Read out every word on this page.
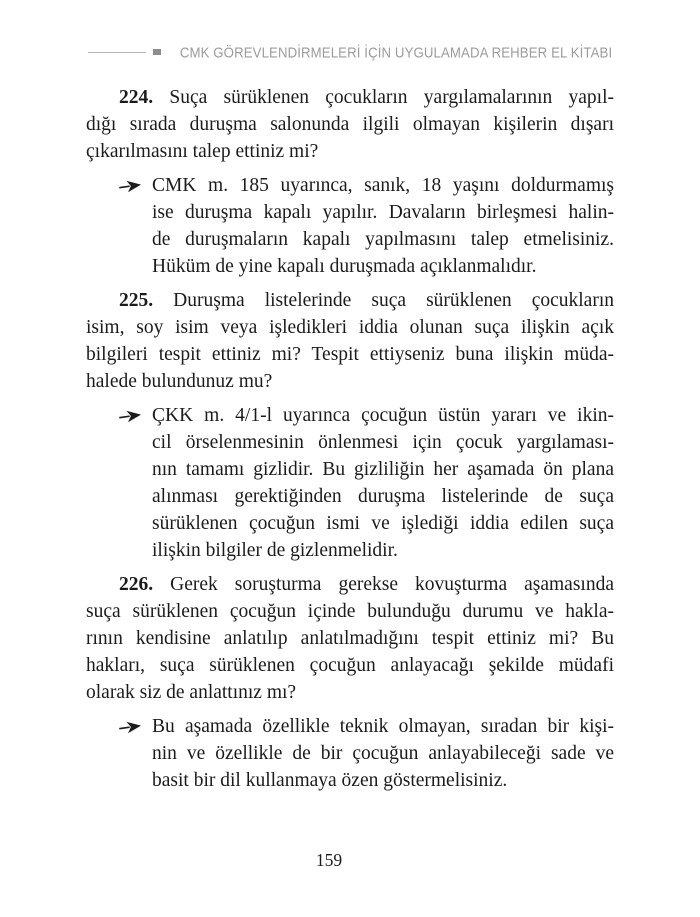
CMK GÖREVLENDİRMELERİ İÇİN UYGULAMADA REHBER EL KİTABI
224. Suça sürüklenen çocukların yargılamalarının yapıl-
dığı sırada duruşma salonunda ilgili olmayan kişilerin dışarı
çıkarılmasını talep ettiniz mi?
CMK m. 185 uyarınca, sanık, 18 yaşını doldurmamış
ise duruşma kapalı yapılır. Davaların birleşmesi halin-
de duruşmaların kapalı yapılmasını talep etmelisiniz.
Hüküm de yine kapalı duruşmada açıklanmalıdır.
225. Duruşma listelerinde suça sürüklenen çocukların
isim, soy isim veya işledikleri iddia olunan suça ilişkin açık
bilgileri tespit ettiniz mi? Tespit ettiyseniz buna ilişkin müda-
halede bulundunuz mu?
ÇKK m. 4/1-l uyarınca çocuğun üstün yararı ve ikin-
cil örselenmesinin önlenmesi için çocuk yargılaması-
nın tamamı gizlidir. Bu gizliliğin her aşamada ön plana
alınması gerektiğinden duruşma listelerinde de suça
sürüklenen çocuğun ismi ve işlediği iddia edilen suça
ilişkin bilgiler de gizlenmelidir.
226. Gerek soruşturma gerekse kovuşturma aşamasında
suça sürüklenen çocuğun içinde bulunduğu durumu ve hakla-
rının kendisine anlatılıp anlatılmadığını tespit ettiniz mi? Bu
hakları, suça sürüklenen çocuğun anlayacağı şekilde müdafi
olarak siz de anlattınız mı?
Bu aşamada özellikle teknik olmayan, sıradan bir kişi-
nin ve özellikle de bir çocuğun anlayabileceği sade ve
basit bir dil kullanmaya özen göstermelisiniz.
159
